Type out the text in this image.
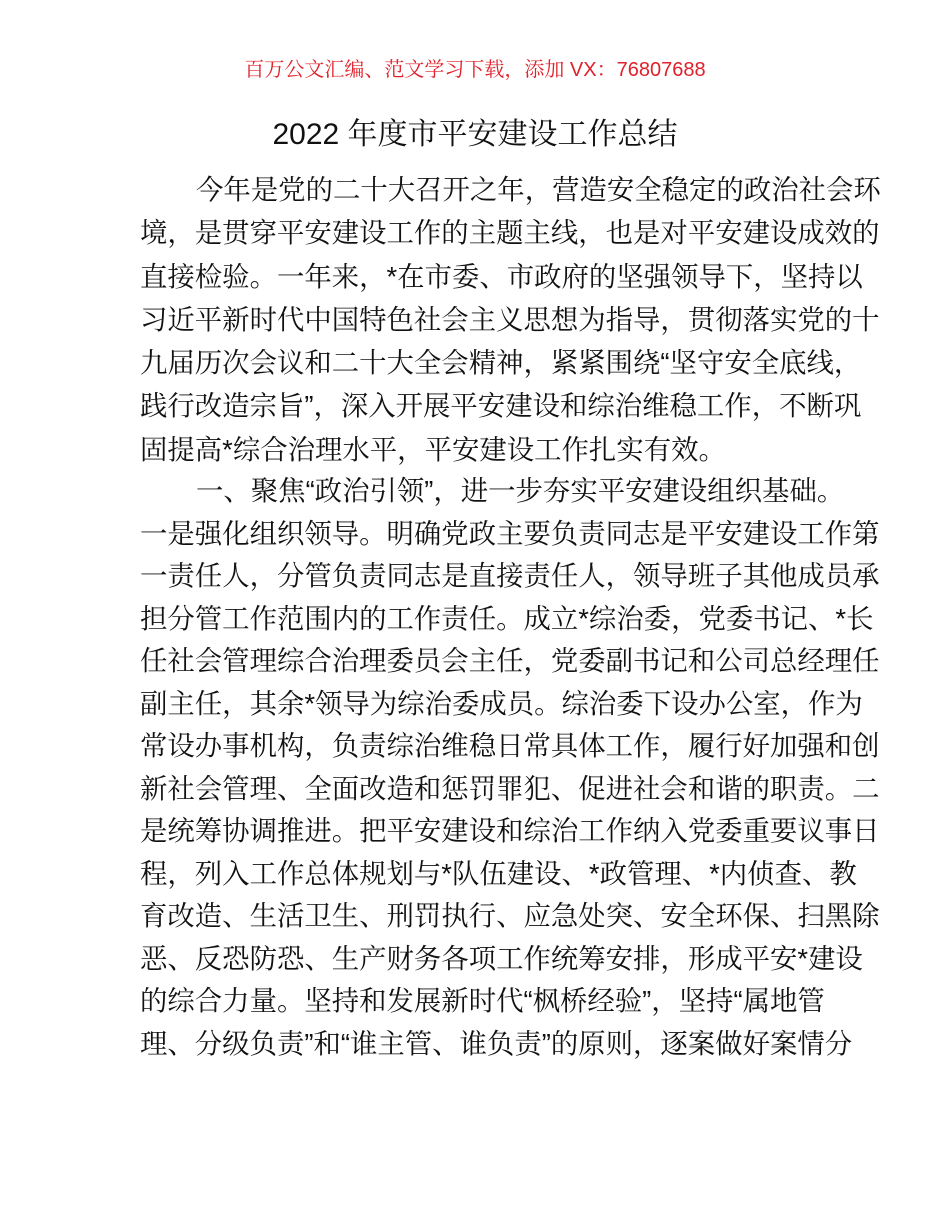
百万公文汇编、范文学习下载，添加 VX：76807688
2022 年度市平安建设工作总结
今年是党的二十大召开之年，营造安全稳定的政治社会环
境，是贯穿平安建设工作的主题主线，也是对平安建设成效的
直接检验。一年来，*在市委、市政府的坚强领导下，坚持以
习近平新时代中国特色社会主义思想为指导，贯彻落实党的十
九届历次会议和二十大全会精神，紧紧围绕“坚守安全底线，
践行改造宗旨”，深入开展平安建设和综治维稳工作，不断巩
固提高*综合治理水平，平安建设工作扎实有效。
一、聚焦“政治引领”，进一步夯实平安建设组织基础。
一是强化组织领导。明确党政主要负责同志是平安建设工作第
一责任人，分管负责同志是直接责任人，领导班子其他成员承
担分管工作范围内的工作责任。成立*综治委，党委书记、*长
任社会管理综合治理委员会主任，党委副书记和公司总经理任
副主任，其余*领导为综治委成员。综治委下设办公室，作为
常设办事机构，负责综治维稳日常具体工作，履行好加强和创
新社会管理、全面改造和惩罚罪犯、促进社会和谐的职责。二
是统筹协调推进。把平安建设和综治工作纳入党委重要议事日
程，列入工作总体规划与*队伍建设、*政管理、*内侦查、教
育改造、生活卫生、刑罚执行、应急处突、安全环保、扫黑除
恶、反恐防恐、生产财务各项工作统筹安排，形成平安*建设
的综合力量。坚持和发展新时代“枫桥经验”，坚持“属地管
理、分级负责”和“谁主管、谁负责”的原则，逐案做好案情分
